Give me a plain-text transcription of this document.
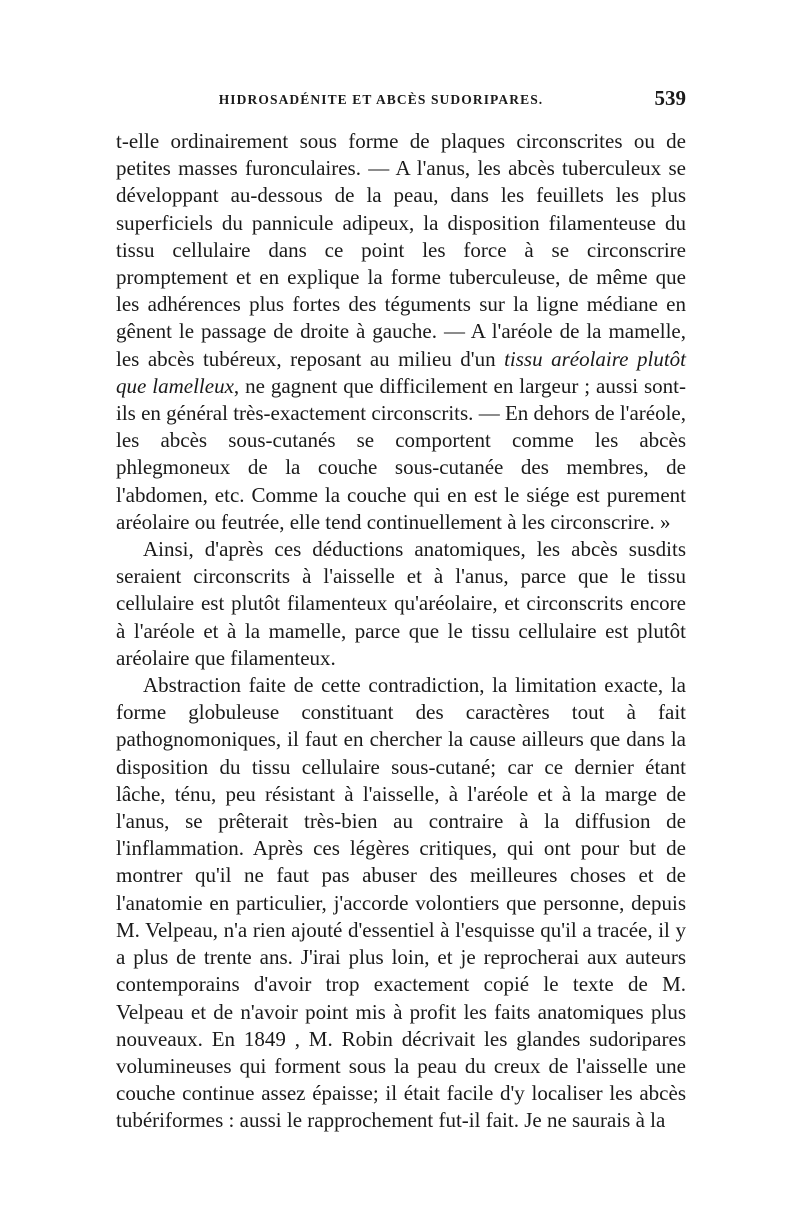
HIDROSADÉNITE ET ABCÈS SUDORIPARES.	539

t-elle ordinairement sous forme de plaques circonscrites ou de petites masses furonculaires. — A l'anus, les abcès tuberculeux se développant au-dessous de la peau, dans les feuillets les plus superficiels du pannicule adipeux, la disposition filamenteuse du tissu cellulaire dans ce point les force à se circonscrire promptement et en explique la forme tuberculeuse, de même que les adhérences plus fortes des téguments sur la ligne médiane en gênent le passage de droite à gauche. — A l'aréole de la mamelle, les abcès tubéreux, reposant au milieu d'un tissu aréolaire plutôt que lamelleux, ne gagnent que difficilement en largeur ; aussi sont-ils en général très-exactement circonscrits. — En dehors de l'aréole, les abcès sous-cutanés se comportent comme les abcès phlegmoneux de la couche sous-cutanée des membres, de l'abdomen, etc. Comme la couche qui en est le siége est purement aréolaire ou feutrée, elle tend continuellement à les circonscrire. »

Ainsi, d'après ces déductions anatomiques, les abcès susdits seraient circonscrits à l'aisselle et à l'anus, parce que le tissu cellulaire est plutôt filamenteux qu'aréolaire, et circonscrits encore à l'aréole et à la mamelle, parce que le tissu cellulaire est plutôt aréolaire que filamenteux.

Abstraction faite de cette contradiction, la limitation exacte, la forme globuleuse constituant des caractères tout à fait pathognomoniques, il faut en chercher la cause ailleurs que dans la disposition du tissu cellulaire sous-cutané; car ce dernier étant lâche, ténu, peu résistant à l'aisselle, à l'aréole et à la marge de l'anus, se prêterait très-bien au contraire à la diffusion de l'inflammation. Après ces légères critiques, qui ont pour but de montrer qu'il ne faut pas abuser des meilleures choses et de l'anatomie en particulier, j'accorde volontiers que personne, depuis M. Velpeau, n'a rien ajouté d'essentiel à l'esquisse qu'il a tracée, il y a plus de trente ans. J'irai plus loin, et je reprocherai aux auteurs contemporains d'avoir trop exactement copié le texte de M. Velpeau et de n'avoir point mis à profit les faits anatomiques plus nouveaux. En 1849 , M. Robin décrivait les glandes sudoripares volumineuses qui forment sous la peau du creux de l'aisselle une couche continue assez épaisse; il était facile d'y localiser les abcès tubériformes : aussi le rapprochement fut-il fait. Je ne saurais à la
